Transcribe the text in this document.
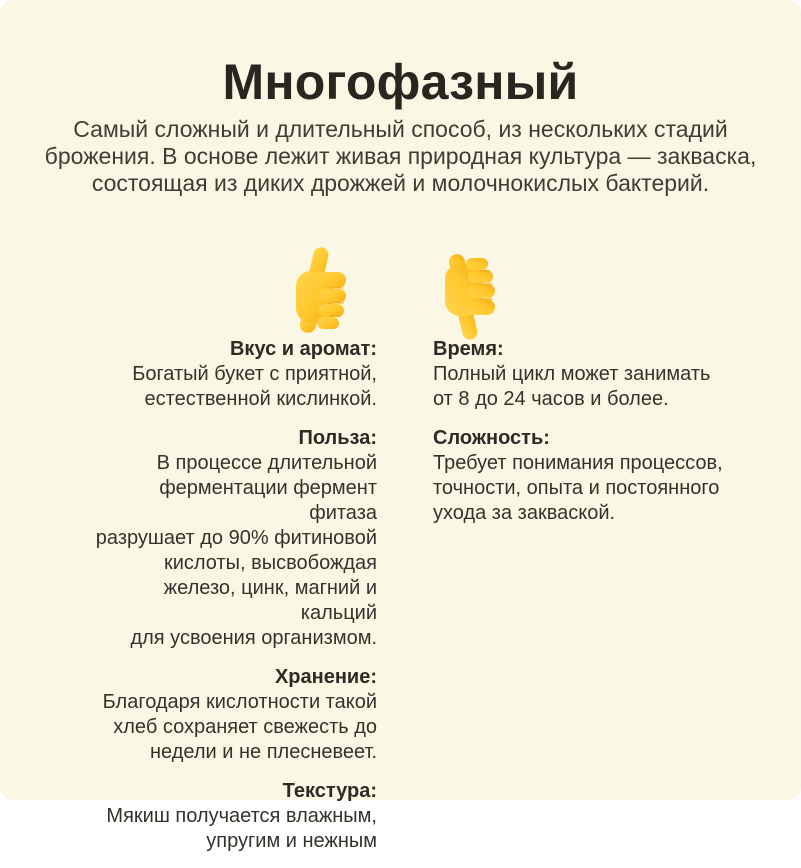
Многофазный
Самый сложный и длительный способ, из нескольких стадий
брожения. В основе лежит живая природная культура — закваска,
состоящая из диких дрожжей и молочнокислых бактерий.
Вкус и аромат:
Богатый букет с приятной,
естественной кислинкой.
Польза:
В процессе длительной
ферментации фермент фитаза
разрушает до 90% фитиновой
кислоты, высвобождая
железо, цинк, магний и кальций
для усвоения организмом.
Хранение:
Благодаря кислотности такой
хлеб сохраняет свежесть до
недели и не плесневеет.
Текстура:
Мякиш получается влажным,
упругим и нежным
Время:
Полный цикл может занимать
от 8 до 24 часов и более.
Сложность:
Требует понимания процессов,
точности, опыта и постоянного
ухода за закваской.
